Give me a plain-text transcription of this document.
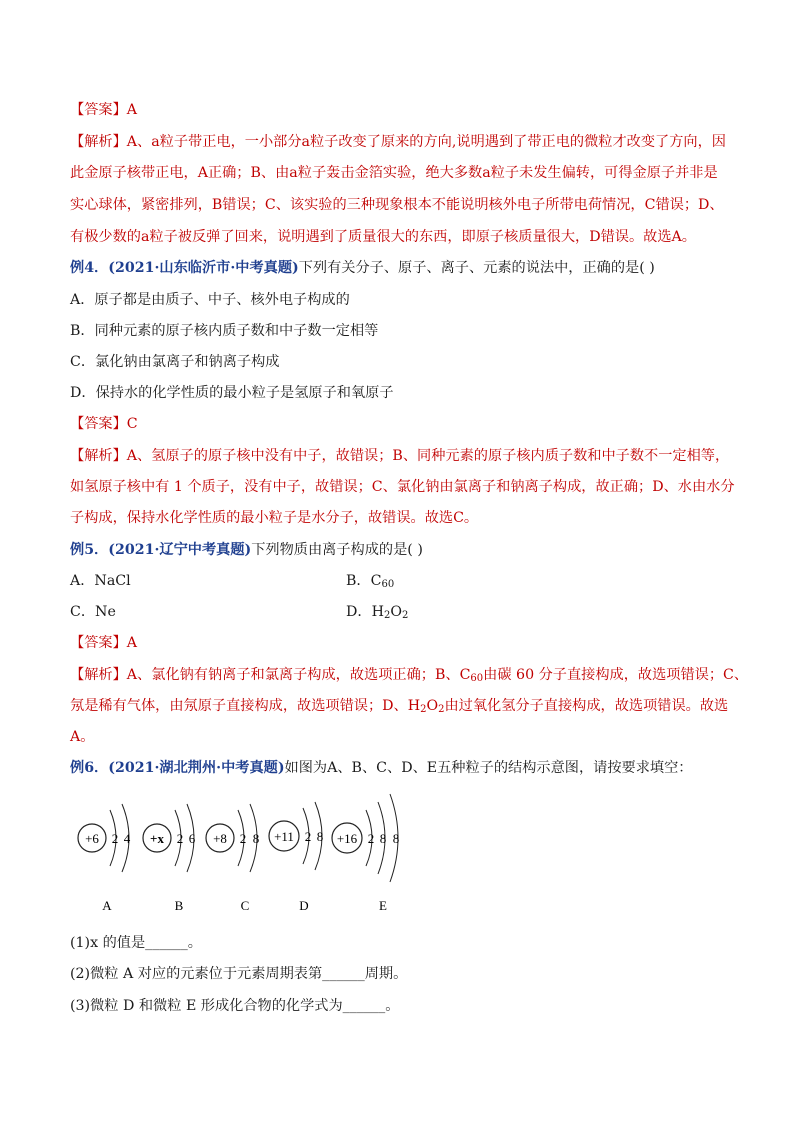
【答案】A
【解析】A、a粒子带正电，一小部分a粒子改变了原来的方向,说明遇到了带正电的微粒才改变了方向，因
此金原子核带正电，A正确；B、由a粒子轰击金箔实验，绝大多数a粒子未发生偏转，可得金原子并非是
实心球体，紧密排列，B错误；C、该实验的三种现象根本不能说明核外电子所带电荷情况，C错误；D、
有极少数的a粒子被反弹了回来，说明遇到了质量很大的东西，即原子核质量很大，D错误。故选A。
例4．(2021·山东临沂市·中考真题)下列有关分子、原子、离子、元素的说法中，正确的是( )
A．原子都是由质子、中子、核外电子构成的
B．同种元素的原子核内质子数和中子数一定相等
C．氯化钠由氯离子和钠离子构成
D．保持水的化学性质的最小粒子是氢原子和氧原子
【答案】C
【解析】A、氢原子的原子核中没有中子，故错误；B、同种元素的原子核内质子数和中子数不一定相等，
如氢原子核中有 1 个质子，没有中子，故错误；C、氯化钠由氯离子和钠离子构成，故正确；D、水由水分
子构成，保持水化学性质的最小粒子是水分子，故错误。故选C。
例5．(2021·辽宁中考真题)下列物质由离子构成的是( )
A．NaCl	B．C60
C．Ne	D．H2O2
【答案】A
【解析】A、氯化钠有钠离子和氯离子构成，故选项正确；B、C60由碳 60 分子直接构成，故选项错误；C、
氖是稀有气体，由氖原子直接构成，故选项错误；D、H2O2由过氧化氢分子直接构成，故选项错误。故选
A。
例6．(2021·湖北荆州·中考真题)如图为A、B、C、D、E五种粒子的结构示意图，请按要求填空：
+6 2 4
A
+x 2 6
B
+8 2 8
C
+11 2 8
D
+16 2 8 8
E
(1)x 的值是______。
(2)微粒 A 对应的元素位于元素周期表第______周期。
(3)微粒 D 和微粒 E 形成化合物的化学式为______。
